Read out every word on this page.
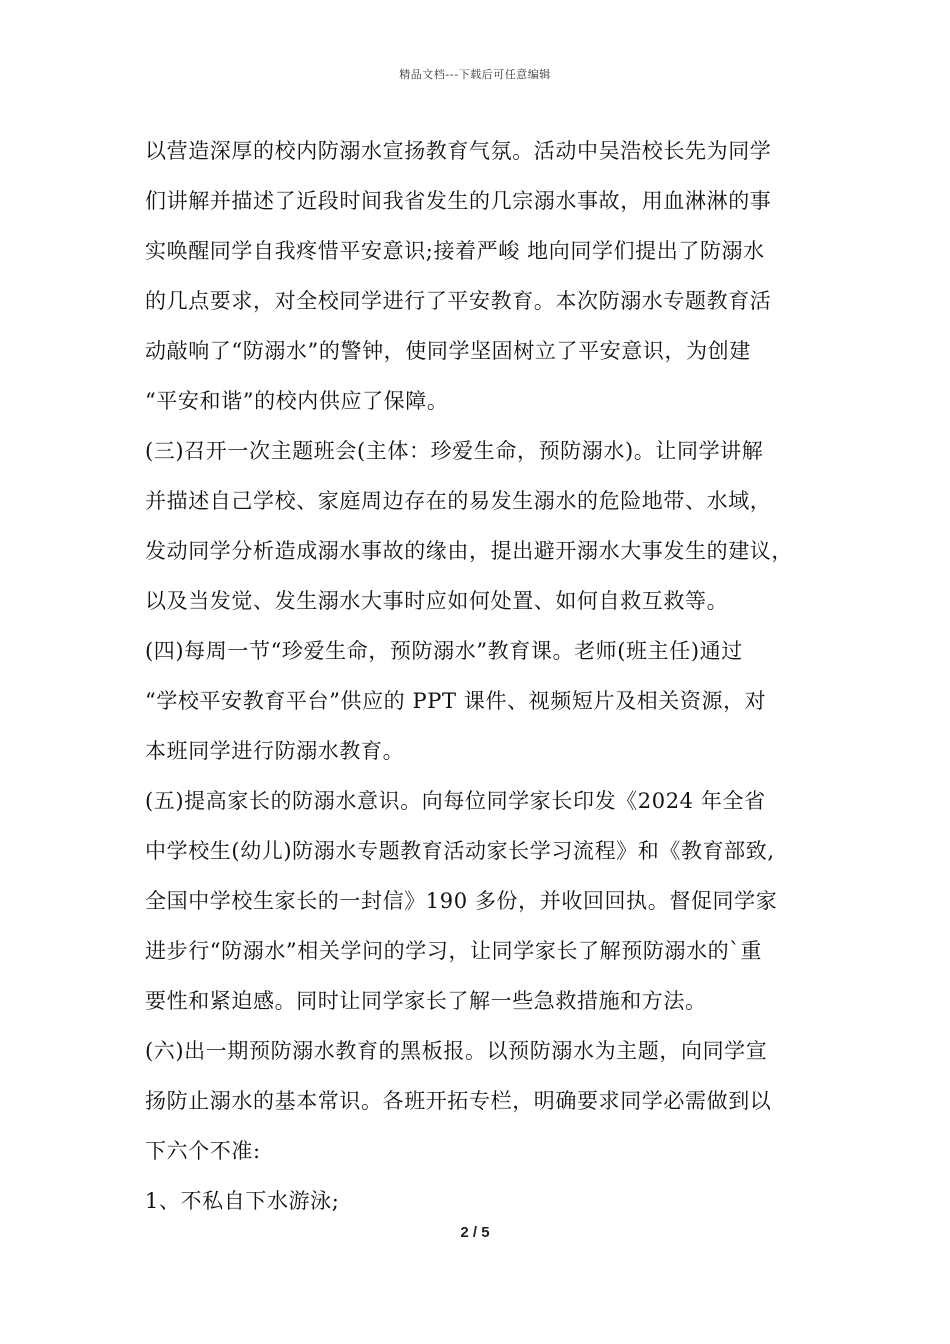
精品文档---下载后可任意编辑
以营造深厚的校内防溺水宣扬教育气氛。活动中吴浩校长先为同学
们讲解并描述了近段时间我省发生的几宗溺水事故，用血淋淋的事
实唤醒同学自我疼惜平安意识;接着严峻 地向同学们提出了防溺水
的几点要求，对全校同学进行了平安教育。本次防溺水专题教育活
动敲响了“防溺水”的警钟，使同学坚固树立了平安意识，为创建
“平安和谐”的校内供应了保障。
(三)召开一次主题班会(主体：珍爱生命，预防溺水)。让同学讲解
并描述自己学校、家庭周边存在的易发生溺水的危险地带、水域，
发动同学分析造成溺水事故的缘由，提出避开溺水大事发生的建议，
以及当发觉、发生溺水大事时应如何处置、如何自救互救等。
(四)每周一节“珍爱生命，预防溺水”教育课。老师(班主任)通过
“学校平安教育平台”供应的 PPT 课件、视频短片及相关资源，对
本班同学进行防溺水教育。
(五)提高家长的防溺水意识。向每位同学家长印发《2024 年全省
中学校生(幼儿)防溺水专题教育活动家长学习流程》和《教育部致,
全国中学校生家长的一封信》190 多份，并收回回执。督促同学家
进步行“防溺水”相关学问的学习，让同学家长了解预防溺水的`重
要性和紧迫感。同时让同学家长了解一些急救措施和方法。
(六)出一期预防溺水教育的黑板报。以预防溺水为主题，向同学宣
扬防止溺水的基本常识。各班开拓专栏，明确要求同学必需做到以
下六个不准:
1、不私自下水游泳;
2 / 5
